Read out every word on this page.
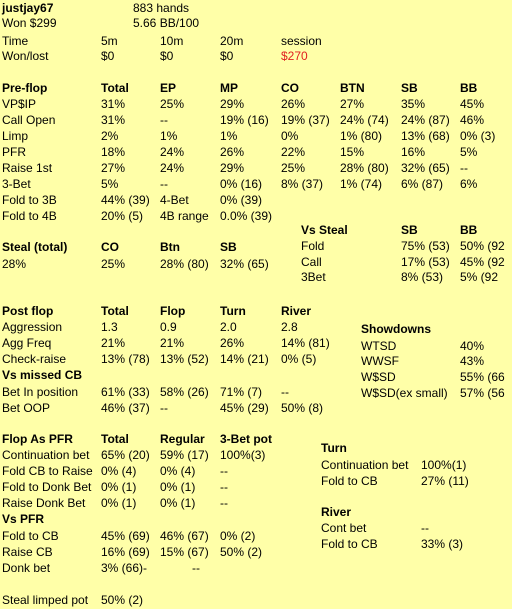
justjay67	883 hands
Won $299	5.66 BB/100
Time	5m	10m	20m	session
Won/lost	$0	$0	$0	$270
Pre-flop	Total	EP	MP	CO	BTN	SB	BB
VP$IP	31%	25%	29%	26%	27%	35%	45%
Call Open	31%	--	19% (16) 19% (37) 24% (74) 24% (87) 46%
Limp	2%	1%	1%	0%	1% (80) 13% (68) 0% (3)
PFR	18%	24%	26%	22%	15%	16%	5%
Raise 1st	27%	24%	29%	25%	28% (80) 32% (65) --
3-Bet	5%	--	0% (16) 8% (37) 1% (74) 6% (87) 6%
Fold to 3B	44% (39) 4-Bet	0% (39)
Fold to 4B	20% (5) 4B range 0.0% (39)
Vs Steal	SB	BB
Fold	75% (53) 50% (92
Call	17% (53) 45% (92
3Bet	8% (53) 5% (92
Steal (total)	CO	Btn	SB
28%	25%	28% (80) 32% (65)
Post flop	Total	Flop	Turn	River
Aggression	1.3	0.9	2.0	2.8
Agg Freq	21%	21%	26%	14% (81)
Check-raise	13% (78) 13% (52) 14% (21) 0% (5)
Vs missed CB
Bet In position 61% (33) 58% (26) 71% (7) --
Bet OOP	46% (37) --	45% (29) 50% (8)
Showdowns
WTSD	40%
WWSF	43%
W$SD	55% (66
W$SD(ex small) 57% (56
Flop As PFR Total	Regular 3-Bet pot
Continuation bet 65% (20) 59% (17) 100%(3)
Fold CB to Raise 0% (4) 0% (4) --
Fold to Donk Bet 0% (1) 0% (1) --
Raise Donk Bet 0% (1) 0% (1) --
Vs PFR
Fold to CB	45% (69) 46% (67) 0% (2)
Raise CB	16% (69) 15% (67) 50% (2)
Donk bet	3% (66)-	--
Turn
Continuation bet 100%(1)
Fold to CB	27% (11)
River
Cont bet	--
Fold to CB	33% (3)
Steal limped pot 50% (2)
